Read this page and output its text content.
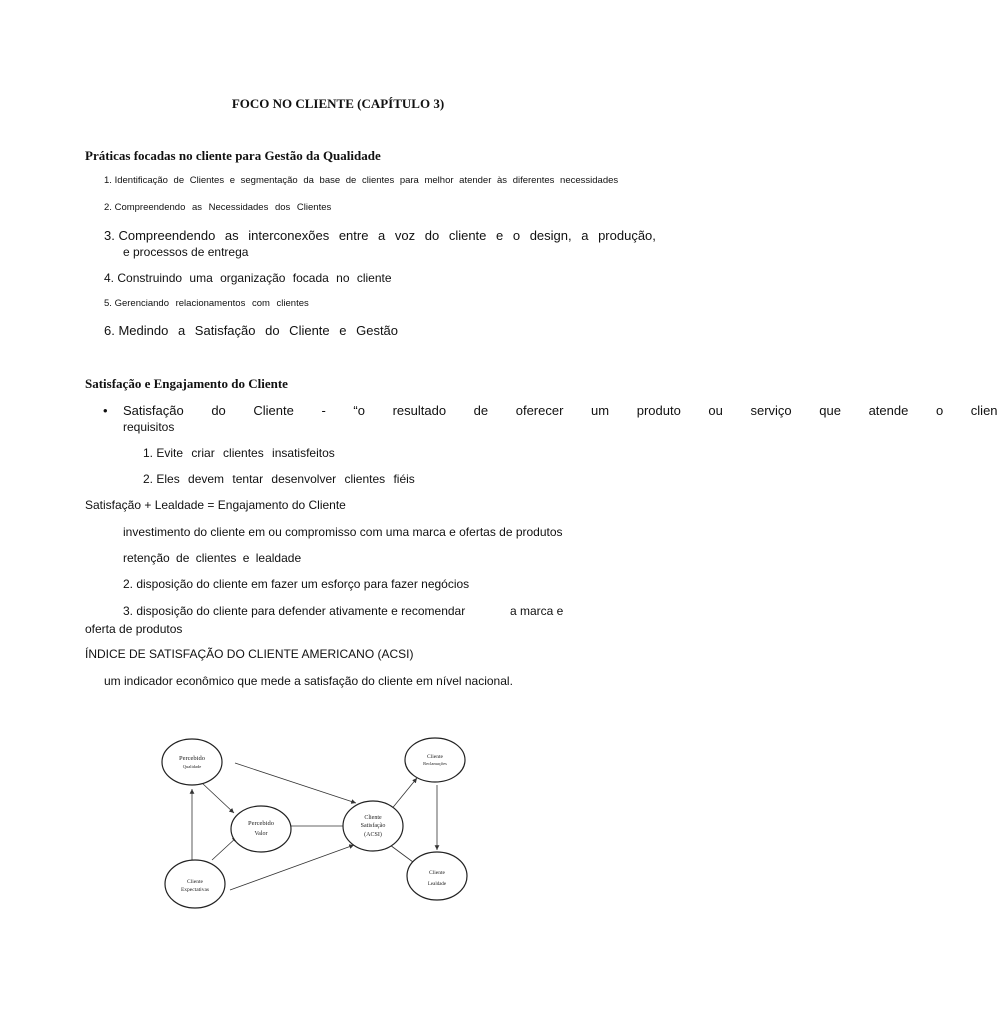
FOCO NO CLIENTE (CAPÍTULO 3)
Práticas focadas no cliente para Gestão da Qualidade
1. Identificação de Clientes e segmentação da base de clientes para melhor atender às diferentes necessidades
2. Compreendendo as Necessidades dos Clientes
3. Compreendendo as interconexões entre a voz do cliente e o design, a produção,
e processos de entrega
4. Construindo uma organização focada no cliente
5. Gerenciando relacionamentos com clientes
6. Medindo a Satisfação do Cliente e Gestão
Satisfação e Engajamento do Cliente
• Satisfação do Cliente - “o resultado de oferecer um produto ou serviço que atende o clien
requisitos
1. Evite criar clientes insatisfeitos
2. Eles devem tentar desenvolver clientes fiéis
Satisfação + Lealdade = Engajamento do Cliente
investimento do cliente em ou compromisso com uma marca e ofertas de produtos
retenção de clientes e lealdade
2. disposição do cliente em fazer um esforço para fazer negócios
3. disposição do cliente para defender ativamente e recomendar	a marca e
oferta de produtos
ÍNDICE DE SATISFAÇÃO DO CLIENTE AMERICANO (ACSI)
um indicador econômico que mede a satisfação do cliente em nível nacional.
Percebido
Qualidade
Percebido
Valor
Cliente
Expectativas
Cliente
Satisfação
(ACSI)
Cliente
Reclamações
Cliente
Lealdade
